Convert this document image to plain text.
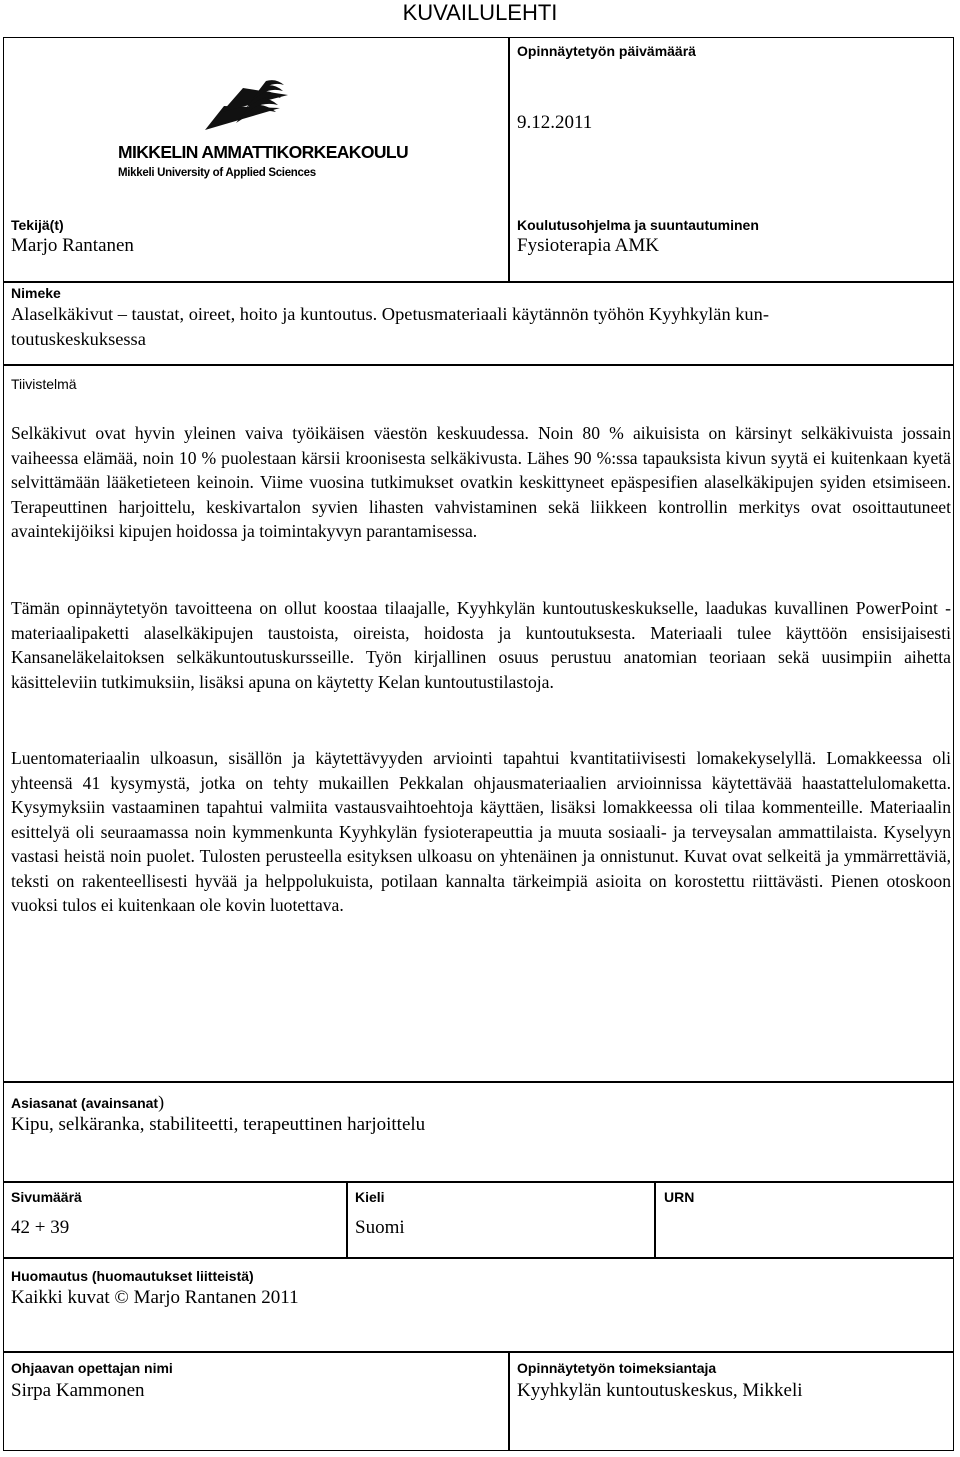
KUVAILULEHTI
MIKKELIN AMMATTIKORKEAKOULU
Mikkeli University of Applied Sciences
Opinnäytetyön päivämäärä
9.12.2011
Tekijä(t)
Marjo Rantanen
Koulutusohjelma ja suuntautuminen
Fysioterapia AMK
Nimeke
Alaselkäkivut – taustat, oireet, hoito ja kuntoutus. Opetusmateriaali käytännön työhön Kyyhkylän kun-
toutuskeskuksessa
Tiivistelmä

Selkäkivut ovat hyvin yleinen vaiva työikäisen väestön keskuudessa. Noin 80 % aikuisista on kärsinyt selkäkivuista jossain vaiheessa elämää, noin 10 % puolestaan kärsii kroonisesta selkäkivusta. Lähes 90 %:ssa tapauksista kivun syytä ei kuitenkaan kyetä selvittämään lääketieteen keinoin. Viime vuosina tutkimukset ovatkin keskittyneet epäspesifien alaselkäkipujen syiden etsimiseen. Terapeuttinen harjoittelu, keskivartalon syvien lihasten vahvistaminen sekä liikkeen kontrollin merkitys ovat osoittautuneet avaintekijöiksi kipujen hoidossa ja toimintakyvyn parantamisessa.

Tämän opinnäytetyön tavoitteena on ollut koostaa tilaajalle, Kyyhkylän kuntoutuskeskukselle, laadukas kuvallinen PowerPoint -materiaalipaketti alaselkäkipujen taustoista, oireista, hoidosta ja kuntoutuksesta. Materiaali tulee käyttöön ensisijaisesti Kansaneläkelaitoksen selkäkuntoutuskursseille. Työn kirjallinen osuus perustuu anatomian teoriaan sekä uusimpiin aihetta käsitteleviin tutkimuksiin, lisäksi apuna on käytetty Kelan kuntoutustilastoja.

Luentomateriaalin ulkoasun, sisällön ja käytettävyyden arviointi tapahtui kvantitatiivisesti lomakekyselyllä. Lomakkeessa oli yhteensä 41 kysymystä, jotka on tehty mukaillen Pekkalan ohjausmateriaalien arvioinnissa käytettävää haastattelulomaketta. Kysymyksiin vastaaminen tapahtui valmiita vastausvaihtoehtoja käyttäen, lisäksi lomakkeessa oli tilaa kommenteille. Materiaalin esittelyä oli seuraamassa noin kymmenkunta Kyyhkylän fysioterapeuttia ja muuta sosiaali- ja terveysalan ammattilaista. Kyselyyn vastasi heistä noin puolet. Tulosten perusteella esityksen ulkoasu on yhtenäinen ja onnistunut. Kuvat ovat selkeitä ja ymmärrettäviä, teksti on rakenteellisesti hyvää ja helppolukuista, potilaan kannalta tärkeimpiä asioita on korostettu riittävästi. Pienen otoskoon vuoksi tulos ei kuitenkaan ole kovin luotettava.

Asiasanat (avainsanat)
Kipu, selkäranka, stabiliteetti, terapeuttinen harjoittelu
Sivumäärä
42 + 39
Kieli
Suomi
URN
Huomautus (huomautukset liitteistä)
Kaikki kuvat © Marjo Rantanen 2011
Ohjaavan opettajan nimi
Sirpa Kammonen
Opinnäytetyön toimeksiantaja
Kyyhkylän kuntoutuskeskus, Mikkeli
